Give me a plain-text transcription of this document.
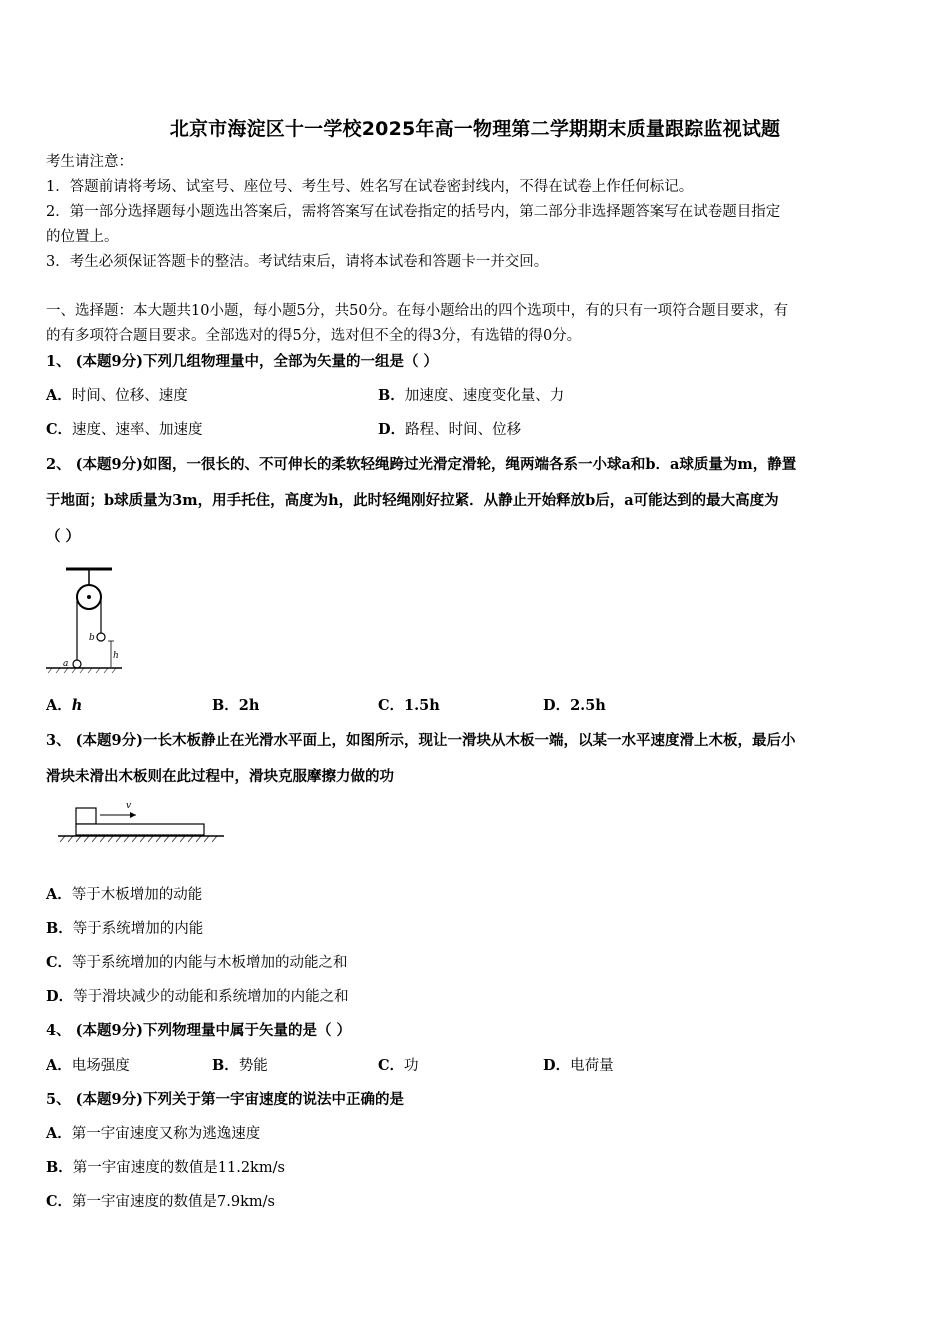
北京市海淀区十一学校2025年高一物理第二学期期末质量跟踪监视试题
考生请注意：
1．答题前请将考场、试室号、座位号、考生号、姓名写在试卷密封线内，不得在试卷上作任何标记。
2．第一部分选择题每小题选出答案后，需将答案写在试卷指定的括号内，第二部分非选择题答案写在试卷题目指定
的位置上。
3．考生必须保证答题卡的整洁。考试结束后，请将本试卷和答题卡一并交回。
一、选择题：本大题共10小题，每小题5分，共50分。在每小题给出的四个选项中，有的只有一项符合题目要求，有
的有多项符合题目要求。全部选对的得5分，选对但不全的得3分，有选错的得0分。
1、 (本题9分)下列几组物理量中，全部为矢量的一组是（ ）
A．时间、位移、速度	B．加速度、速度变化量、力
C．速度、速率、加速度	D．路程、时间、位移
2、 (本题9分)如图，一很长的、不可伸长的柔软轻绳跨过光滑定滑轮，绳两端各系一小球a和b．a球质量为m，静置
于地面；b球质量为3m，用手托住，高度为h，此时轻绳刚好拉紧．从静止开始释放b后，a可能达到的最大高度为
（ ）
a
b
h
A．h	B．2h	C．1.5h	D．2.5h
3、 (本题9分)一长木板静止在光滑水平面上，如图所示，现让一滑块从木板一端，以某一水平速度滑上木板，最后小
滑块未滑出木板则在此过程中，滑块克服摩擦力做的功
v
A．等于木板增加的动能
B．等于系统增加的内能
C．等于系统增加的内能与木板增加的动能之和
D．等于滑块减少的动能和系统增加的内能之和
4、 (本题9分)下列物理量中属于矢量的是（ ）
A．电场强度	B．势能	C．功	D．电荷量
5、 (本题9分)下列关于第一宇宙速度的说法中正确的是
A．第一宇宙速度又称为逃逸速度
B．第一宇宙速度的数值是11.2km/s
C．第一宇宙速度的数值是7.9km/s
